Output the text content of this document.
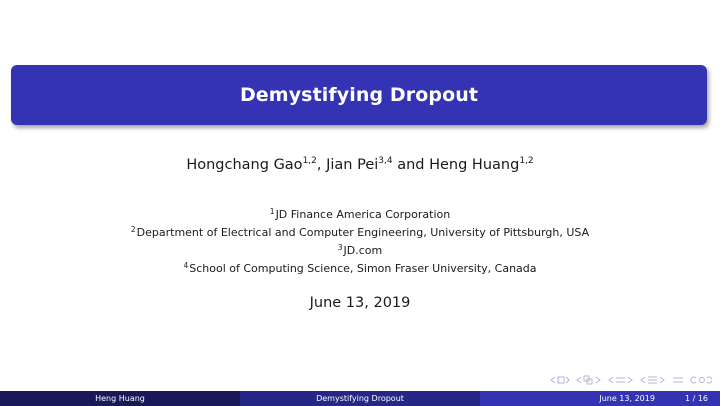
Demystifying Dropout
Hongchang Gao$^{1,2}$, Jian Pei$^{3,4}$ and Heng Huang$^{1,2}$
$^1$JD Finance America Corporation
$^2$Department of Electrical and Computer Engineering, University of Pittsburgh, USA
$^3$JD.com
$^4$School of Computing Science, Simon Fraser University, Canada
June 13, 2019
Heng Huang	Demystifying Dropout	June 13, 2019	1 / 16
